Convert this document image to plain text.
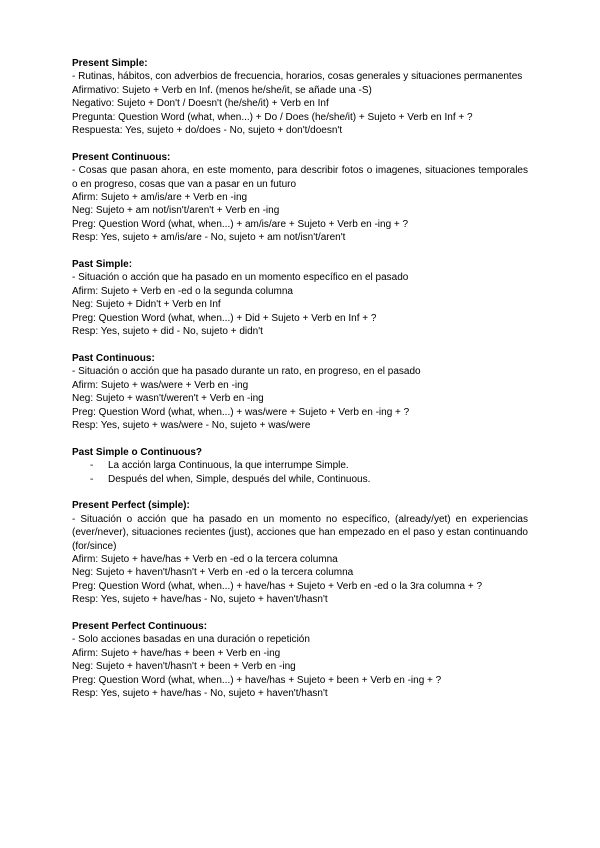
Present Simple:
- Rutinas, hábitos, con adverbios de frecuencia, horarios, cosas generales y situaciones permanentes
Afirmativo: Sujeto + Verb en Inf. (menos he/she/it, se añade una -S)
Negativo: Sujeto + Don't / Doesn't (he/she/it) + Verb en Inf
Pregunta: Question Word (what, when...) + Do / Does (he/she/it) + Sujeto + Verb en Inf + ?
Respuesta: Yes, sujeto + do/does - No, sujeto + don't/doesn't
Present Continuous:
- Cosas que pasan ahora, en este momento, para describir fotos o imagenes, situaciones temporales o en progreso, cosas que van a pasar en un futuro
Afirm: Sujeto + am/is/are + Verb en -ing
Neg: Sujeto + am not/isn't/aren't + Verb en -ing
Preg: Question Word (what, when...) + am/is/are + Sujeto + Verb en -ing + ?
Resp: Yes, sujeto + am/is/are - No, sujeto + am not/isn't/aren't
Past Simple:
- Situación o acción que ha pasado en un momento específico en el pasado
Afirm: Sujeto + Verb en -ed o la segunda columna
Neg: Sujeto + Didn't + Verb en Inf
Preg: Question Word (what, when...) + Did + Sujeto + Verb en Inf + ?
Resp: Yes, sujeto + did - No, sujeto + didn't
Past Continuous:
- Situación o acción que ha pasado durante un rato, en progreso, en el pasado
Afirm: Sujeto + was/were + Verb en -ing
Neg: Sujeto + wasn't/weren't + Verb en -ing
Preg: Question Word (what, when...) + was/were + Sujeto + Verb en -ing + ?
Resp: Yes, sujeto + was/were - No, sujeto + was/were
Past Simple o Continuous?
- La acción larga Continuous, la que interrumpe Simple.
- Después del when, Simple, después del while, Continuous.
Present Perfect (simple):
- Situación o acción que ha pasado en un momento no específico, (already/yet) en experiencias (ever/never), situaciones recientes (just), acciones que han empezado en el paso y estan continuando (for/since)
Afirm: Sujeto + have/has + Verb en -ed o la tercera columna
Neg: Sujeto + haven't/hasn't + Verb en -ed o la tercera columna
Preg: Question Word (what, when...) + have/has + Sujeto + Verb en -ed o la 3ra columna + ?
Resp: Yes, sujeto + have/has - No, sujeto + haven't/hasn't
Present Perfect Continuous:
- Solo acciones basadas en una duración o repetición
Afirm: Sujeto + have/has + been + Verb en -ing
Neg: Sujeto + haven't/hasn't + been + Verb en -ing
Preg: Question Word (what, when...) + have/has + Sujeto + been + Verb en -ing + ?
Resp: Yes, sujeto + have/has - No, sujeto + haven't/hasn't
